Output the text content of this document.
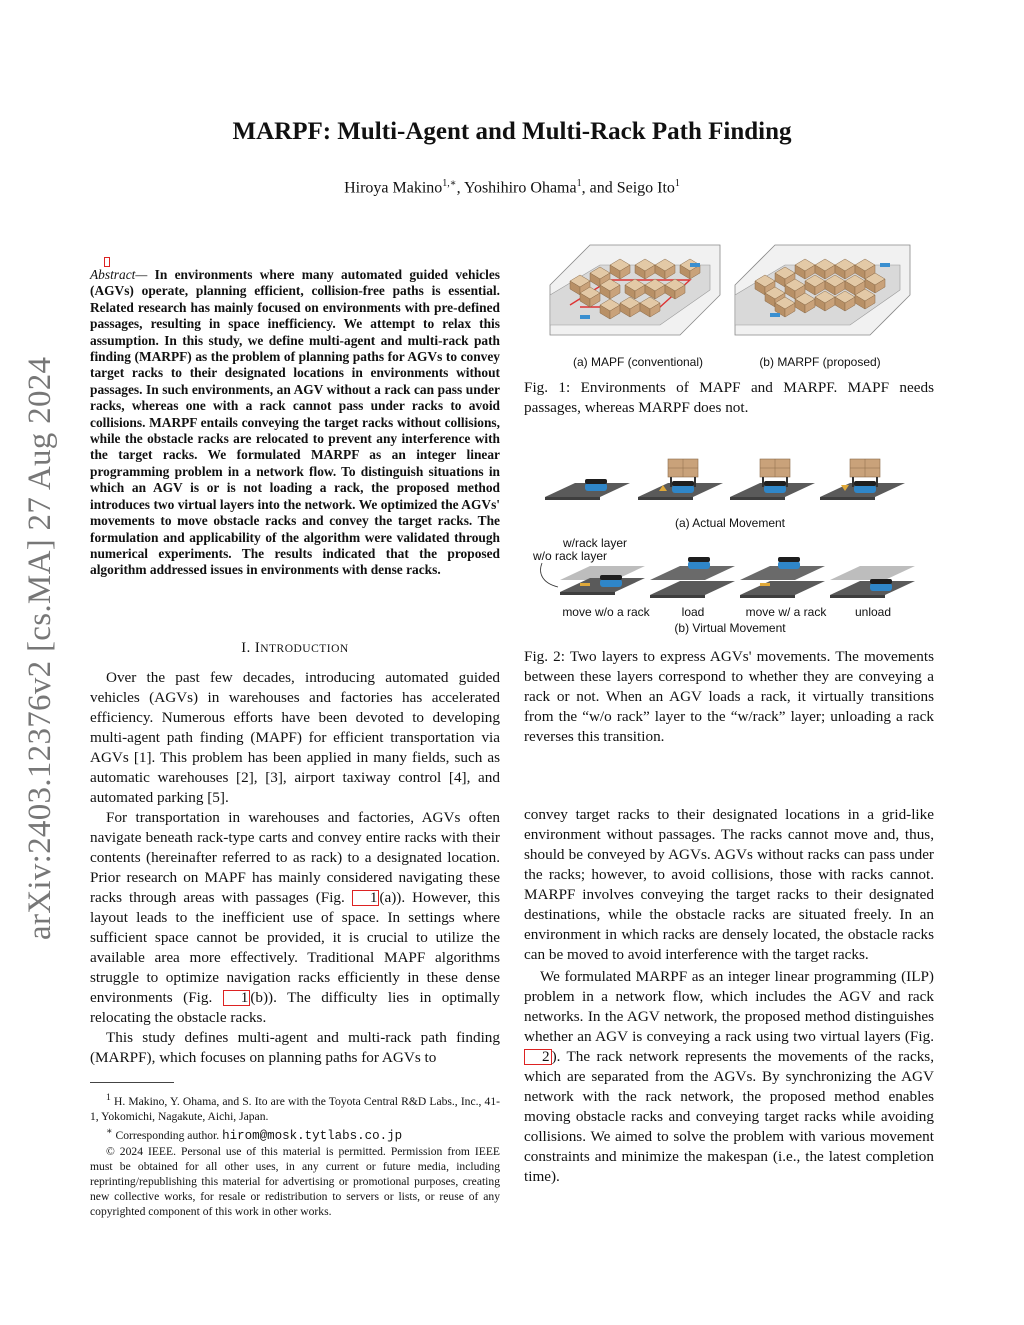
arXiv:2403.12376v2 [cs.MA] 27 Aug 2024
MARPF: Multi-Agent and Multi-Rack Path Finding
Hiroya Makino$^{1,∗}$, Yoshihiro Ohama$^1$, and Seigo Ito$^1$
Abstract— In environments where many automated guided vehicles (AGVs) operate, planning efficient, collision-free paths is essential. Related research has mainly focused on environments with pre-defined passages, resulting in space inefficiency. We attempt to relax this assumption. In this study, we define multi-agent and multi-rack path finding (MARPF) as the problem of planning paths for AGVs to convey target racks to their designated locations in environments without passages. In such environments, an AGV without a rack can pass under racks, whereas one with a rack cannot pass under racks to avoid collisions. MARPF entails conveying the target racks without collisions, while the obstacle racks are relocated to prevent any interference with the target racks. We formulated MARPF as an integer linear programming problem in a network flow. To distinguish situations in which an AGV is or is not loading a rack, the proposed method introduces two virtual layers into the network. We optimized the AGVs' movements to move obstacle racks and convey the target racks. The formulation and applicability of the algorithm were validated through numerical experiments. The results indicated that the proposed algorithm addressed issues in environments with dense racks.
I. INTRODUCTION

Over the past few decades, introducing automated guided vehicles (AGVs) in warehouses and factories has accelerated efficiency. Numerous efforts have been devoted to developing multi-agent path finding (MAPF) for efficient transportation via AGVs [1]. This problem has been applied in many fields, such as automatic warehouses [2], [3], airport taxiway control [4], and automated parking [5].

For transportation in warehouses and factories, AGVs often navigate beneath rack-type carts and convey entire racks with their contents (hereinafter referred to as rack) to a designated location. Prior research on MAPF has mainly considered navigating these racks through areas with passages (Fig. 1 (a)). However, this layout leads to the inefficient use of space. In settings where sufficient space cannot be provided, it is crucial to utilize the available area more effectively. Traditional MAPF algorithms struggle to optimize navigation racks efficiently in these dense environments (Fig. 1 (b)). The difficulty lies in optimally relocating the obstacle racks.

This study defines multi-agent and multi-rack path finding (MARPF), which focuses on planning paths for AGVs to

$^1$ H. Makino, Y. Ohama, and S. Ito are with the Toyota Central R&D Labs., Inc., 41-1, Yokomichi, Nagakute, Aichi, Japan.

∗ Corresponding author. hirom@mosk.tytlabs.co.jp

© 2024 IEEE. Personal use of this material is permitted. Permission from IEEE must be obtained for all other uses, in any current or future media, including reprinting/republishing this material for advertising or promotional purposes, creating new collective works, for resale or redistribution to servers or lists, or reuse of any copyrighted component of this work in other works.

(a) MAPF (conventional)	(b) MARPF (proposed)
Fig. 1: Environments of MAPF and MARPF. MAPF needs passages, whereas MARPF does not.
(a) Actual Movement
w/rack layer
w/o rack layer
move w/o a rack	load	move w/ a rack unload
(b) Virtual Movement
Fig. 2: Two layers to express AGVs' movements. The movements between these layers correspond to whether they are conveying a rack or not. When an AGV loads a rack, it virtually transitions from the “w/o rack” layer to the “w/rack” layer; unloading a rack reverses this transition.

convey target racks to their designated locations in a grid-like environment without passages. The racks cannot move and, thus, should be conveyed by AGVs. AGVs without racks can pass under the racks; however, to avoid collisions, those with racks cannot. MARPF involves conveying the target racks to their designated destinations, while the obstacle racks are situated freely. In an environment in which racks are densely located, the obstacle racks can be moved to avoid interference with the target racks.

We formulated MARPF as an integer linear programming (ILP) problem in a network flow, which includes the AGV and rack networks. In the AGV network, the proposed method distinguishes whether an AGV is conveying a rack using two virtual layers (Fig. 2 ). The rack network represents the movements of the racks, which are separated from the AGVs. By synchronizing the AGV network with the rack network, the proposed method enables moving obstacle racks and conveying target racks while avoiding collisions. We aimed to solve the problem with various movement constraints and minimize the makespan (i.e., the latest completion time).
